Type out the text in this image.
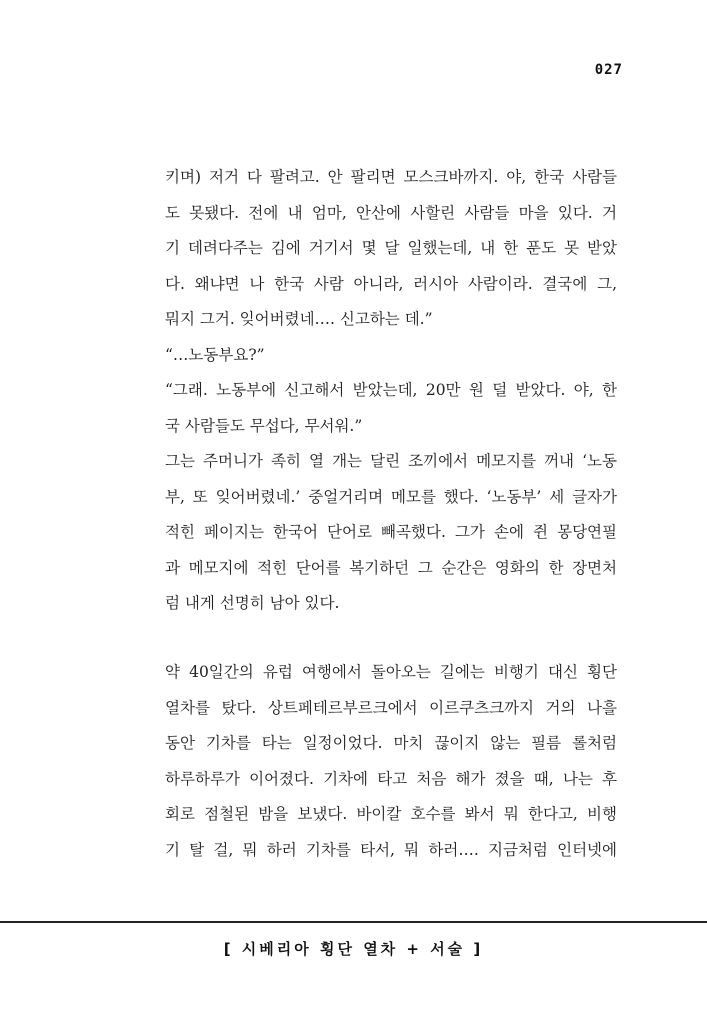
027
키며) 저거 다 팔려고. 안 팔리면 모스크바까지. 야, 한국 사람들
도 못됐다. 전에 내 엄마, 안산에 사할린 사람들 마을 있다. 거
기 데려다주는 김에 거기서 몇 달 일했는데, 내 한 푼도 못 받았
다. 왜냐면 나 한국 사람 아니라, 러시아 사람이라. 결국에 그,
뭐지 그거. 잊어버렸네…. 신고하는 데.”
“…노동부요?”
“그래. 노동부에 신고해서 받았는데, 20만 원 덜 받았다. 야, 한
국 사람들도 무섭다, 무서워.”
그는 주머니가 족히 열 개는 달린 조끼에서 메모지를 꺼내 ‘노동
부, 또 잊어버렸네.’ 중얼거리며 메모를 했다. ‘노동부’ 세 글자가
적힌 페이지는 한국어 단어로 빼곡했다. 그가 손에 쥔 몽당연필
과 메모지에 적힌 단어를 복기하던 그 순간은 영화의 한 장면처
럼 내게 선명히 남아 있다.
약 40일간의 유럽 여행에서 돌아오는 길에는 비행기 대신 횡단
열차를 탔다. 상트페테르부르크에서 이르쿠츠크까지 거의 나흘
동안 기차를 타는 일정이었다. 마치 끊이지 않는 필름 롤처럼
하루하루가 이어졌다. 기차에 타고 처음 해가 졌을 때, 나는 후
회로 점철된 밤을 보냈다. 바이칼 호수를 봐서 뭐 한다고, 비행
기 탈 걸, 뭐 하러 기차를 타서, 뭐 하러…. 지금처럼 인터넷에
[ 시베리아 횡단 열차 + 서술 ]
